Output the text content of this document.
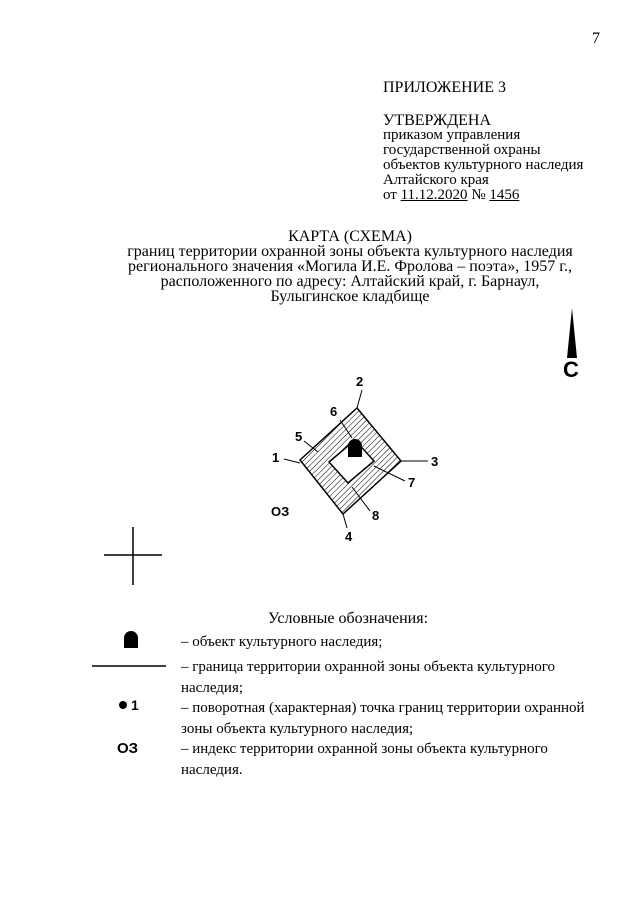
7
ПРИЛОЖЕНИЕ 3
УТВЕРЖДЕНА
приказом управления
государственной охраны
объектов культурного наследия
Алтайского края
от 11.12.2020 № 1456
КАРТА (СХЕМА)
границ территории охранной зоны объекта культурного наследия
регионального значения «Могила И.Е. Фролова – поэта», 1957 г.,
расположенного по адресу: Алтайский край, г. Барнаул,
Булыгинское кладбище
С
1
2
3
4
5
6
7
8
ОЗ
1
Условные обозначения:
– объект культурного наследия;
– граница территории охранной зоны объекта культурного наследия;
– поворотная (характерная) точка границ территории охранной зоны объекта культурного наследия;
ОЗ	– индекс территории охранной зоны объекта культурного наследия.
